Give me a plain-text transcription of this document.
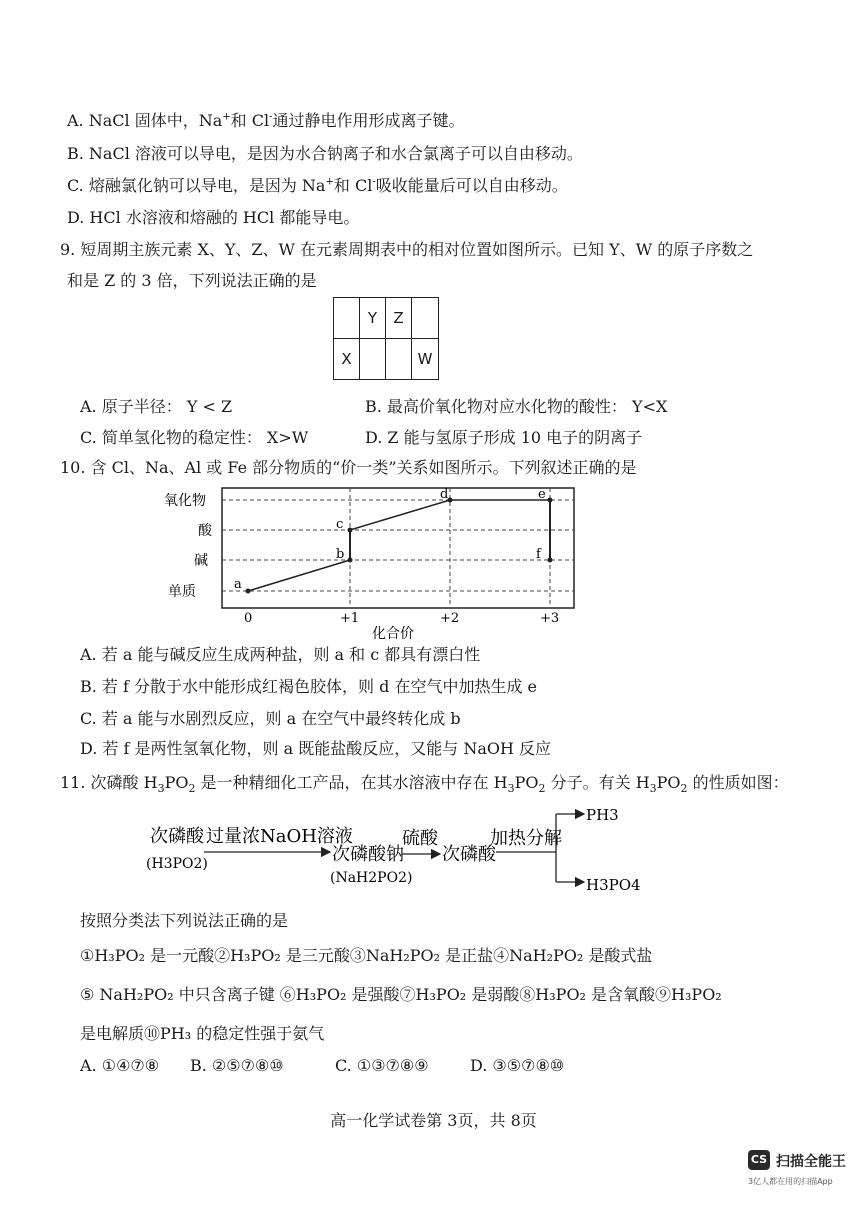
A. NaCl 固体中，Na+和 Cl-通过静电作用形成离子键。
B. NaCl 溶液可以导电，是因为水合钠离子和水合氯离子可以自由移动。
C. 熔融氯化钠可以导电，是因为 Na+和 Cl-吸收能量后可以自由移动。
D. HCl 水溶液和熔融的 HCl 都能导电。
9. 短周期主族元素 X、Y、Z、W 在元素周期表中的相对位置如图所示。已知 Y、W 的原子序数之
和是 Z 的 3 倍，下列说法正确的是
	Y	Z	
X			W
A. 原子半径： Y < Z	B. 最高价氧化物对应水化物的酸性： Y<X
C. 简单氢化物的稳定性： X>W	D. Z 能与氢原子形成 10 电子的阴离子
10. 含 Cl、Na、Al 或 Fe 部分物质的“价一类”关系如图所示。下列叙述正确的是
氧化物
酸
碱
单质
0	+1	+2	+3
化合价
a
b
c
d	e
f
A. 若 a 能与碱反应生成两种盐，则 a 和 c 都具有漂白性
B. 若 f 分散于水中能形成红褐色胶体，则 d 在空气中加热生成 e
C. 若 a 能与水剧烈反应，则 a 在空气中最终转化成 b
D. 若 f 是两性氢氧化物，则 a 既能盐酸反应，又能与 NaOH 反应
11. 次磷酸 $H_3PO_2$ 是一种精细化工产品，在其水溶液中存在 $H_3PO_2$ 分子。有关 $H_3PO_2$ 的性质如图：
次磷酸
(H3PO2)
过量浓NaOH溶液
次磷酸钠
(NaH2PO2)
硫酸
次磷酸
加热分解
PH3
H3PO4
按照分类法下列说法正确的是
①H₃PO₂ 是一元酸②H₃PO₂ 是三元酸③NaH₂PO₂ 是正盐④NaH₂PO₂ 是酸式盐
⑤ NaH₂PO₂ 中只含离子键 ⑥H₃PO₂ 是强酸⑦H₃PO₂ 是弱酸⑧H₃PO₂ 是含氧酸⑨H₃PO₂
是电解质⑩PH₃ 的稳定性强于氨气
A. ①④⑦⑧ B. ②⑤⑦⑧⑩	C. ①③⑦⑧⑨	D. ③⑤⑦⑧⑩
高一化学试卷第 3页，共 8页
CS 扫描全能王
3亿人都在用的扫描App
